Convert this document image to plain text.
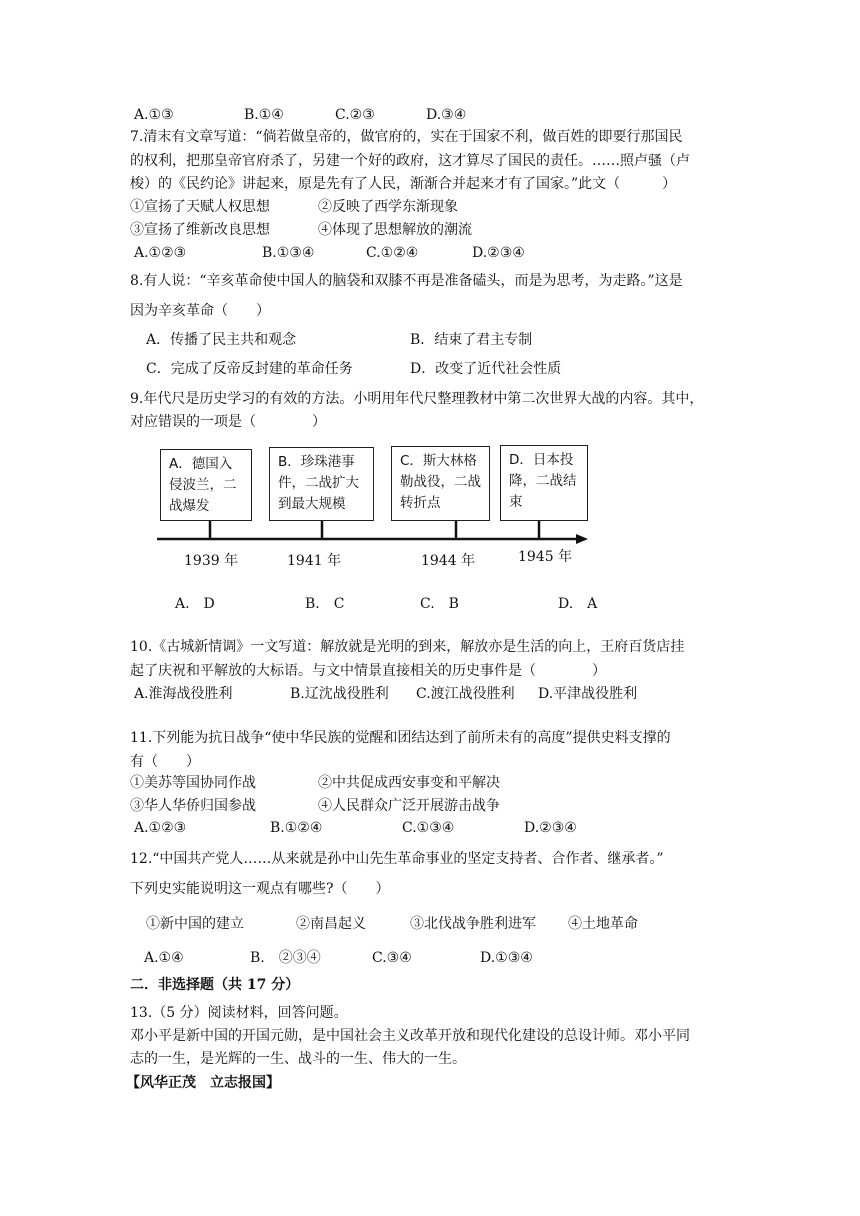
A.①③	B.①④	C.②③	D.③④
7.清末有文章写道：“倘若做皇帝的，做官府的，实在于国家不利，做百姓的即要行那国民
的权利，把那皇帝官府杀了，另建一个好的政府，这才算尽了国民的责任。……照卢骚（卢
梭）的《民约论》讲起来，原是先有了人民，渐渐合并起来才有了国家。”此文（　　　）
①宣扬了天赋人权思想	②反映了西学东渐现象
③宣扬了维新改良思想	④体现了思想解放的潮流
A.①②③	B.①③④	C.①②④	D.②③④
8.有人说：“辛亥革命使中国人的脑袋和双膝不再是准备磕头，而是为思考，为走路。”这是
因为辛亥革命（　　）
A．传播了民主共和观念	B．结束了君主专制
C．完成了反帝反封建的革命任务	D．改变了近代社会性质
9.年代尺是历史学习的有效的方法。小明用年代尺整理教材中第二次世界大战的内容。其中，
对应错误的一项是（　　　　）
A．德国入
侵波兰，二
战爆发
B．珍珠港事
件，二战扩大
到最大规模
C．斯大林格
勒战役，二战
转折点
D．日本投
降，二战结
束
1939 年	1941 年	1944 年	1945 年
A.　D	B.　C	C.　B	D.　A
10.《古城新情调》一文写道：解放就是光明的到来，解放亦是生活的向上，王府百货店挂
起了庆祝和平解放的大标语。与文中情景直接相关的历史事件是（　　　　）
A.淮海战役胜利	B.辽沈战役胜利 C.渡江战役胜利 D.平津战役胜利
11.下列能为抗日战争“使中华民族的觉醒和团结达到了前所未有的高度”提供史料支撑的
有（　　）
①美苏等国协同作战	②中共促成西安事变和平解决
③华人华侨归国参战	④人民群众广泛开展游击战争
A.①②③	B.①②④	C.①③④	D.②③④
12.“中国共产党人……从来就是孙中山先生革命事业的坚定支持者、合作者、继承者。”
下列史实能说明这一观点有哪些?（　　）
①新中国的建立	②南昌起义	③北伐战争胜利进军 ④土地革命
A.①④	B.　②③④	C.③④	D.①③④
二．非选择题（共 17 分）
13.（5 分）阅读材料，回答问题。
邓小平是新中国的开国元勋，是中国社会主义改革开放和现代化建设的总设计师。邓小平同
志的一生，是光辉的一生、战斗的一生、伟大的一生。
【风华正茂　立志报国】
